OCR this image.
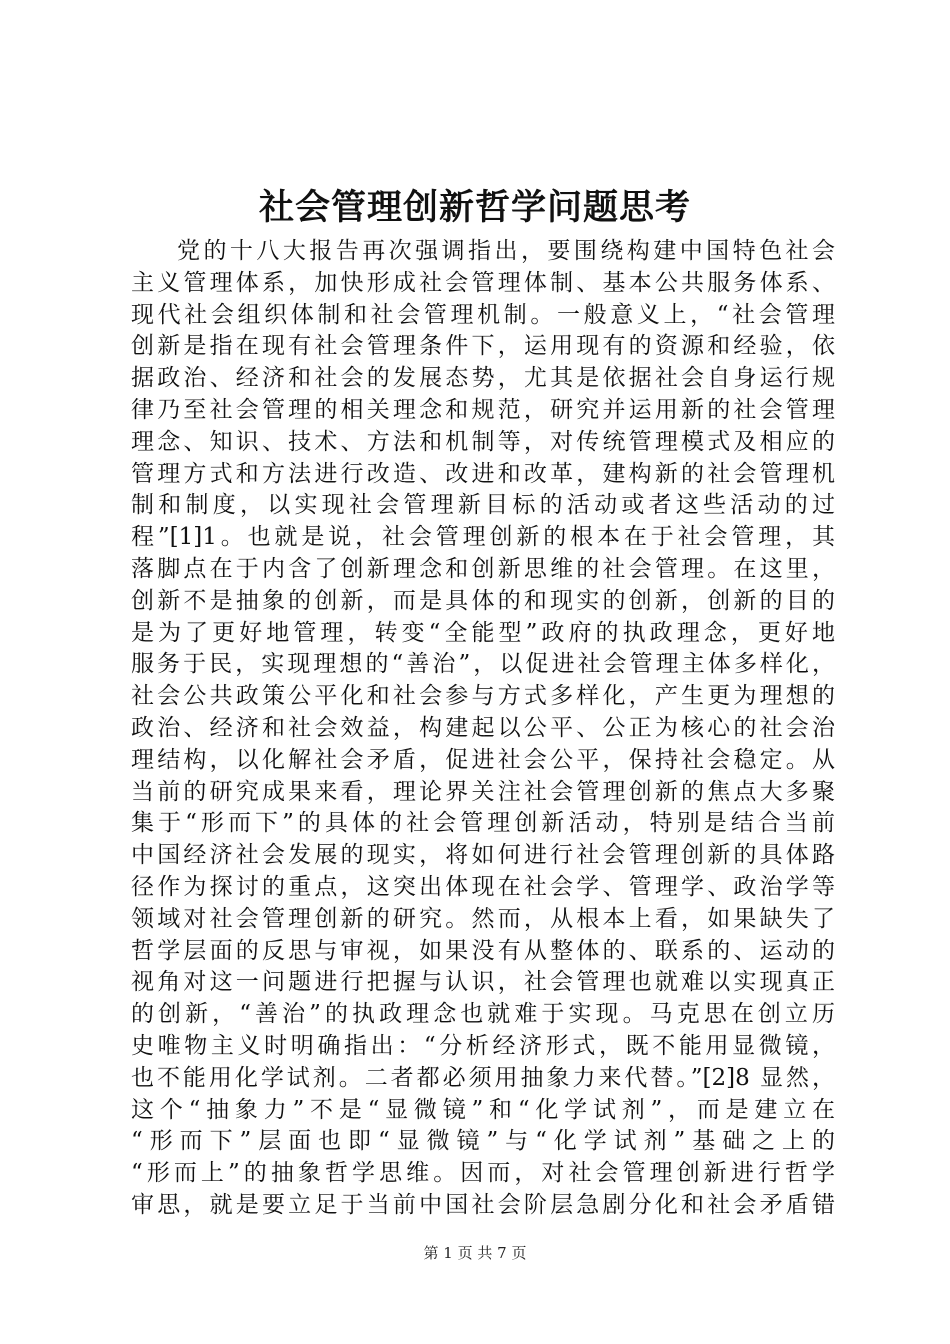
社会管理创新哲学问题思考
党的十八大报告再次强调指出，要围绕构建中国特色社会
主义管理体系，加快形成社会管理体制、基本公共服务体系、
现代社会组织体制和社会管理机制。一般意义上，“社会管理
创新是指在现有社会管理条件下，运用现有的资源和经验，依
据政治、经济和社会的发展态势，尤其是依据社会自身运行规
律乃至社会管理的相关理念和规范，研究并运用新的社会管理
理念、知识、技术、方法和机制等，对传统管理模式及相应的
管理方式和方法进行改造、改进和改革，建构新的社会管理机
制和制度，以实现社会管理新目标的活动或者这些活动的过
程”[1]1。也就是说，社会管理创新的根本在于社会管理，其
落脚点在于内含了创新理念和创新思维的社会管理。在这里，
创新不是抽象的创新，而是具体的和现实的创新，创新的目的
是为了更好地管理，转变“全能型”政府的执政理念，更好地
服务于民，实现理想的“善治”，以促进社会管理主体多样化，
社会公共政策公平化和社会参与方式多样化，产生更为理想的
政治、经济和社会效益，构建起以公平、公正为核心的社会治
理结构，以化解社会矛盾，促进社会公平，保持社会稳定。从
当前的研究成果来看，理论界关注社会管理创新的焦点大多聚
集于“形而下”的具体的社会管理创新活动，特别是结合当前
中国经济社会发展的现实，将如何进行社会管理创新的具体路
径作为探讨的重点，这突出体现在社会学、管理学、政治学等
领域对社会管理创新的研究。然而，从根本上看，如果缺失了
哲学层面的反思与审视，如果没有从整体的、联系的、运动的
视角对这一问题进行把握与认识，社会管理也就难以实现真正
的创新，“善治”的执政理念也就难于实现。马克思在创立历
史唯物主义时明确指出：“分析经济形式，既不能用显微镜，
也不能用化学试剂。二者都必须用抽象力来代替。”[2]8 显然，
这个“抽象力”不是“显微镜”和“化学试剂”，而是建立在
“形而下”层面也即“显微镜”与“化学试剂”基础之上的
“形而上”的抽象哲学思维。因而，对社会管理创新进行哲学
审思，就是要立足于当前中国社会阶层急剧分化和社会矛盾错
第 1 页 共 7 页
